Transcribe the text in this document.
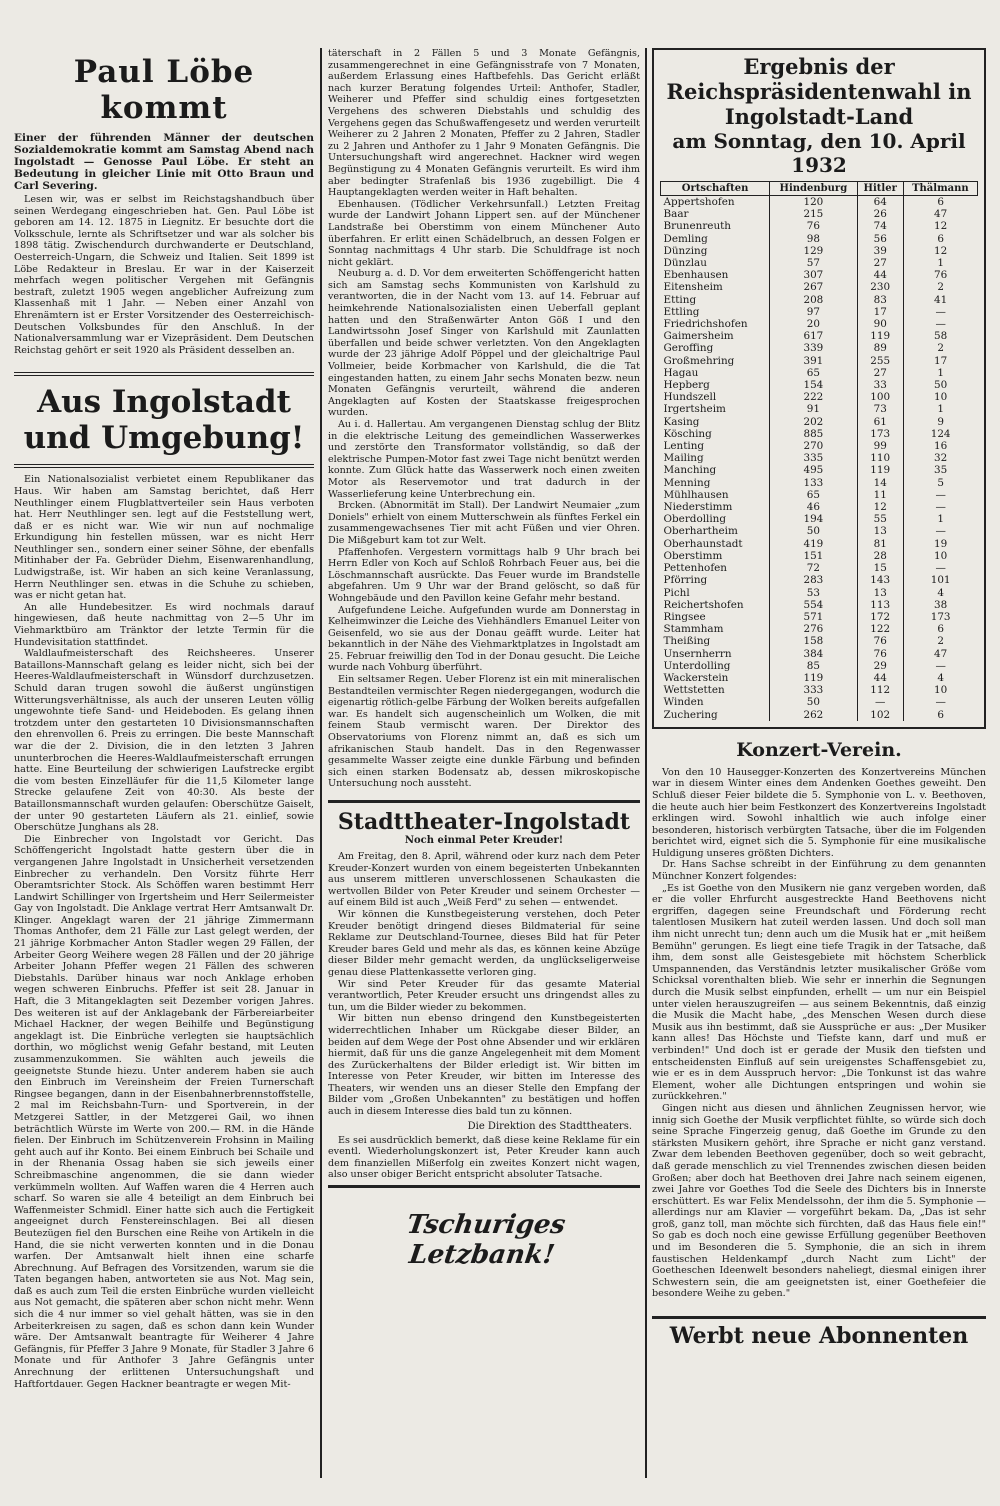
Paul Löbe kommt

Einer der führenden Männer der deutschen Sozialdemokratie kommt am Samstag Abend nach Ingolstadt — Genosse Paul Löbe. Er steht an Bedeutung in gleicher Linie mit Otto Braun und Carl Severing.

Lesen wir, was er selbst im Reichstagshandbuch über seinen Werdegang eingeschrieben hat. Gen. Paul Löbe ist geboren am 14. 12. 1875 in Liegnitz. Er besuchte dort die Volksschule, lernte als Schriftsetzer und war als solcher bis 1898 tätig. Zwischendurch durchwanderte er Deutschland, Oesterreich-Ungarn, die Schweiz und Italien. Seit 1899 ist Löbe Redakteur in Breslau. Er war in der Kaiserzeit mehrfach wegen politischer Vergehen mit Gefängnis bestraft, zuletzt 1905 wegen angeblicher Aufreizung zum Klassenhaß mit 1 Jahr. — Neben einer Anzahl von Ehrenämtern ist er Erster Vorsitzender des Oesterreichisch-Deutschen Volksbundes für den Anschluß. In der Nationalversammlung war er Vizepräsident. Dem Deutschen Reichstag gehört er seit 1920 als Präsident desselben an.

Aus Ingolstadt und Umgebung!

Ein Nationalsozialist verbietet einem Republikaner das Haus. Wir haben am Samstag berichtet, daß Herr Neuthlinger einem Flugblattverteiler sein Haus verboten hat. Herr Neuthlinger sen. legt auf die Feststellung wert, daß er es nicht war. Wie wir nun auf nochmalige Erkundigung hin festellen müssen, war es nicht Herr Neuthlinger sen., sondern einer seiner Söhne, der ebenfalls Mitinhaber der Fa. Gebrüder Diehm, Eisenwarenhandlung, Ludwigstraße, ist. Wir haben an sich keine Veranlassung, Herrn Neuthlinger sen. etwas in die Schuhe zu schieben, was er nicht getan hat.

An alle Hundebesitzer. Es wird nochmals darauf hingewiesen, daß heute nachmittag von 2—5 Uhr im Viehmarktbüro am Tränktor der letzte Termin für die Hundevisitation stattfindet.

Waldlaufmeisterschaft des Reichsheeres. Unserer Bataillons-Mannschaft gelang es leider nicht, sich bei der Heeres-Waldlaufmeisterschaft in Wünsdorf durchzusetzen. Schuld daran trugen sowohl die äußerst ungünstigen Witterungsverhältnisse, als auch der unseren Leuten völlig ungewohnte tiefe Sand- und Heideboden. Es gelang ihnen trotzdem unter den gestarteten 10 Divisionsmannschaften den ehrenvollen 6. Preis zu erringen. Die beste Mannschaft war die der 2. Division, die in den letzten 3 Jahren ununterbrochen die Heeres-Waldlaufmeisterschaft errungen hatte. Eine Beurteilung der schwierigen Laufstrecke ergibt die vom besten Einzelläufer für die 11,5 Kilometer lange Strecke gelaufene Zeit von 40:30. Als beste der Bataillonsmannschaft wurden gelaufen: Oberschütze Gaiselt, der unter 90 gestarteten Läufern als 21. einlief, sowie Oberschütze Junghans als 28.

Die Einbrecher von Ingolstadt vor Gericht. Das Schöffengericht Ingolstadt hatte gestern über die in vergangenen Jahre Ingolstadt in Unsicherheit versetzenden Einbrecher zu verhandeln. Den Vorsitz führte Herr Oberamtsrichter Stock. Als Schöffen waren bestimmt Herr Landwirt Schillinger von Irgertsheim und Herr Seilermeister Gay von Ingolstadt. Die Anklage vertrat Herr Amtsanwalt Dr. Klinger. Angeklagt waren der 21 jährige Zimmermann Thomas Anthofer, dem 21 Fälle zur Last gelegt werden, der 21 jährige Korbmacher Anton Stadler wegen 29 Fällen, der Arbeiter Georg Weihere wegen 28 Fällen und der 20 jährige Arbeiter Johann Pfeffer wegen 21 Fällen des schweren Diebstahls. Darüber hinaus war noch Anklage erhoben wegen schweren Einbruchs. Pfeffer ist seit 28. Januar in Haft, die 3 Mitangeklagten seit Dezember vorigen Jahres. Des weiteren ist auf der Anklagebank der Färbereiarbeiter Michael Hackner, der wegen Beihilfe und Begünstigung angeklagt ist. Die Einbrüche verlegten sie hauptsächlich dorthin, wo möglichst wenig Gefahr bestand, mit Leuten zusammenzukommen. Sie wählten auch jeweils die geeignetste Stunde hiezu. Unter anderem haben sie auch den Einbruch im Vereinsheim der Freien Turnerschaft Ringsee begangen, dann in der Eisenbahnerbrennstoffstelle, 2 mal im Reichsbahn-Turn- und Sportverein, in der Metzgerei Sattler, in der Metzgerei Gail, wo ihnen beträchtlich Würste im Werte von 200.— RM. in die Hände fielen. Der Einbruch im Schützenverein Frohsinn in Mailing geht auch auf ihr Konto. Bei einem Einbruch bei Schaile und in der Rhenania Ossag haben sie sich jeweils einer Schreibmaschine angenommen, die sie dann wieder verkümmeln wollten. Auf Waffen waren die 4 Herren auch scharf. So waren sie alle 4 beteiligt an dem Einbruch bei Waffenmeister Schmidl. Einer hatte sich auch die Fertigkeit angeeignet durch Fenstereinschlagen. Bei all diesen Beutezügen fiel den Burschen eine Reihe von Artikeln in die Hand, die sie nicht verwerten konnten und in die Donau warfen. Der Amtsanwalt hielt ihnen eine scharfe Abrechnung. Auf Befragen des Vorsitzenden, warum sie die Taten begangen haben, antworteten sie aus Not. Mag sein, daß es auch zum Teil die ersten Einbrüche wurden vielleicht aus Not gemacht, die späteren aber schon nicht mehr. Wenn sich die 4 nur immer so viel gehalt hätten, was sie in den Arbeiterkreisen zu sagen, daß es schon dann kein Wunder wäre. Der Amtsanwalt beantragte für Weiherer 4 Jahre Gefängnis, für Pfeffer 3 Jahre 9 Monate, für Stadler 3 Jahre 6 Monate und für Anthofer 3 Jahre Gefängnis unter Anrechnung der erlittenen Untersuchungshaft und Haftfortdauer. Gegen Hackner beantragte er wegen Mit-

täterschaft in 2 Fällen 5 und 3 Monate Gefängnis, zusammengerechnet in eine Gefängnisstrafe von 7 Monaten, außerdem Erlassung eines Haftbefehls. Das Gericht erläßt nach kurzer Beratung folgendes Urteil: Anthofer, Stadler, Weiherer und Pfeffer sind schuldig eines fortgesetzten Vergehens des schweren Diebstahls und schuldig des Vergehens gegen das Schußwaffengesetz und werden verurteilt Weiherer zu 2 Jahren 2 Monaten, Pfeffer zu 2 Jahren, Stadler zu 2 Jahren und Anthofer zu 1 Jahr 9 Monaten Gefängnis. Die Untersuchungshaft wird angerechnet. Hackner wird wegen Begünstigung zu 4 Monaten Gefängnis verurteilt. Es wird ihm aber bedingter Strafenlaß bis 1936 zugebilligt. Die 4 Hauptangeklagten werden weiter in Haft behalten.

Ebenhausen. (Tödlicher Verkehrsunfall.) Letzten Freitag wurde der Landwirt Johann Lippert sen. auf der Münchener Landstraße bei Oberstimm von einem Münchener Auto überfahren. Er erlitt einen Schädelbruch, an dessen Folgen er Sonntag nachmittags 4 Uhr starb. Die Schuldfrage ist noch nicht geklärt.

Neuburg a. d. D. Vor dem erweiterten Schöffengericht hatten sich am Samstag sechs Kommunisten von Karlshuld zu verantworten, die in der Nacht vom 13. auf 14. Februar auf heimkehrende Nationalsozialisten einen Ueberfall geplant hatten und den Straßenwärter Anton Göß I und den Landwirtssohn Josef Singer von Karlshuld mit Zaunlatten überfallen und beide schwer verletzten. Von den Angeklagten wurde der 23 jährige Adolf Pöppel und der gleichaltrige Paul Vollmeier, beide Korbmacher von Karlshuld, die die Tat eingestanden hatten, zu einem Jahr sechs Monaten bezw. neun Monaten Gefängnis verurteilt, während die anderen Angeklagten auf Kosten der Staatskasse freigesprochen wurden.

Au i. d. Hallertau. Am vergangenen Dienstag schlug der Blitz in die elektrische Leitung des gemeindlichen Wasserwerkes und zerstörte den Transformator vollständig, so daß der elektrische Pumpen-Motor fast zwei Tage nicht benützt werden konnte. Zum Glück hatte das Wasserwerk noch einen zweiten Motor als Reservemotor und trat dadurch in der Wasserlieferung keine Unterbrechung ein.

Brcken. (Abnormität im Stall). Der Landwirt Neumaier „zum Doniels" erhielt von einem Mutterschwein als fünftes Ferkel ein zusammengewachsenes Tier mit acht Füßen und vier Ohren. Die Mißgeburt kam tot zur Welt.

Pfaffenhofen. Vergestern vormittags halb 9 Uhr brach bei Herrn Edler von Koch auf Schloß Rohrbach Feuer aus, bei die Löschmannschaft ausrückte. Das Feuer wurde im Brandstelle abgefahren. Um 9 Uhr war der Brand gelöscht, so daß für Wohngebäude und den Pavillon keine Gefahr mehr bestand.

Aufgefundene Leiche. Aufgefunden wurde am Donnerstag in Kelheimwinzer die Leiche des Viehhändlers Emanuel Leiter von Geisenfeld, wo sie aus der Donau geäfft wurde. Leiter hat bekanntlich in der Nähe des Viehmarktplatzes in Ingolstadt am 25. Februar freiwillig den Tod in der Donau gesucht. Die Leiche wurde nach Vohburg überführt.

Ein seltsamer Regen. Ueber Florenz ist ein mit mineralischen Bestandteilen vermischter Regen niedergegangen, wodurch die eigenartig rötlich-gelbe Färbung der Wolken bereits aufgefallen war. Es handelt sich augenscheinlich um Wolken, die mit feinem Staub vermischt waren. Der Direktor des Observatoriums von Florenz nimmt an, daß es sich um afrikanischen Staub handelt. Das in den Regenwasser gesammelte Wasser zeigte eine dunkle Färbung und befinden sich einen starken Bodensatz ab, dessen mikroskopische Untersuchung noch aussteht.

Stadttheater-Ingolstadt
Noch einmal Peter Kreuder!

Am Freitag, den 8. April, während oder kurz nach dem Peter Kreuder-Konzert wurden von einem begeisterten Unbekannten aus unserem mittleren unverschlossenen Schaukasten die wertvollen Bilder von Peter Kreuder und seinem Orchester — auf einem Bild ist auch „Weiß Ferd" zu sehen — entwendet.

Wir können die Kunstbegeisterung verstehen, doch Peter Kreuder benötigt dringend dieses Bildmaterial für seine Reklame zur Deutschland-Tournee, dieses Bild hat für Peter Kreuder bares Geld und mehr als das, es können keine Abzüge dieser Bilder mehr gemacht werden, da unglückseligerweise genau diese Plattenkassette verloren ging.

Wir sind Peter Kreuder für das gesamte Material verantwortlich, Peter Kreuder ersucht uns dringendst alles zu tun, um die Bilder wieder zu bekommen.

Wir bitten nun ebenso dringend den Kunstbegeisterten widerrechtlichen Inhaber um Rückgabe dieser Bilder, an beiden auf dem Wege der Post ohne Absender und wir erklären hiermit, daß für uns die ganze Angelegenheit mit dem Moment des Zurückerhaltens der Bilder erledigt ist. Wir bitten im Interesse von Peter Kreuder, wir bitten im Interesse des Theaters, wir wenden uns an dieser Stelle den Empfang der Bilder vom „Großen Unbekannten" zu bestätigen und hoffen auch in diesem Interesse dies bald tun zu können.

Die Direktion des Stadttheaters.

Es sei ausdrücklich bemerkt, daß diese keine Reklame für ein eventl. Wiederholungskonzert ist, Peter Kreuder kann auch dem finanziellen Mißerfolg ein zweites Konzert nicht wagen, also unser obiger Bericht entspricht absoluter Tatsache.

Tschuriges Letzbank!
Ergebnis der Reichspräsidentenwahl in Ingolstadt-Land
am Sonntag, den 10. April 1932
Ortschaften	Hindenburg	Hitler	Thälmann
Appertshofen	120	64	6
Baar	215	26	47
Brunenreuth	76	74	12
Demling	98	56	6
Dünzing	129	39	12
Dünzlau	57	27	1
Ebenhausen	307	44	76
Eitensheim	267	230	2
Etting	208	83	41
Ettling	97	17	—
Friedrichshofen	20	90	—
Gaimersheim	617	119	58
Geroffing	339	89	2
Großmehring	391	255	17
Hagau	65	27	1
Hepberg	154	33	50
Hundszell	222	100	10
Irgertsheim	91	73	1
Kasing	202	61	9
Kösching	885	173	124
Lenting	270	99	16
Mailing	335	110	32
Manching	495	119	35
Menning	133	14	5
Mühlhausen	65	11	—
Niederstimm	46	12	—
Oberdolling	194	55	1
Oberhartheim	50	13	—
Oberhaunstadt	419	81	19
Oberstimm	151	28	10
Pettenhofen	72	15	—
Pförring	283	143	101
Pichl	53	13	4
Reichertshofen	554	113	38
Ringsee	571	172	173
Stammham	276	122	6
Theißing	158	76	2
Unsernherrn	384	76	47
Unterdolling	85	29	—
Wackerstein	119	44	4
Wettstetten	333	112	10
Winden	50	—	—
Zuchering	262	102	6
Konzert-Verein.

Von den 10 Hausegger-Konzerten des Konzertvereins München war in diesem Winter eines dem Andenken Goethes geweiht. Den Schluß dieser Feier bildete die 5. Symphonie von L. v. Beethoven, die heute auch hier beim Festkonzert des Konzertvereins Ingolstadt erklingen wird. Sowohl inhaltlich wie auch infolge einer besonderen, historisch verbürgten Tatsache, über die im Folgenden berichtet wird, eignet sich die 5. Symphonie für eine musikalische Huldigung unseres größten Dichters.

Dr. Hans Sachse schreibt in der Einführung zu dem genannten Münchner Konzert folgendes:

„Es ist Goethe von den Musikern nie ganz vergeben worden, daß er die voller Ehrfurcht ausgestreckte Hand Beethovens nicht ergriffen, dagegen seine Freundschaft und Förderung recht talentlosen Musikern hat zuteil werden lassen. Und doch soll man ihm nicht unrecht tun; denn auch um die Musik hat er „mit heißem Bemühn" gerungen. Es liegt eine tiefe Tragik in der Tatsache, daß ihm, dem sonst alle Geistesgebiete mit höchstem Scherblick Umspannenden, das Verständnis letzter musikalischer Größe vom Schicksal vorenthalten blieb. Wie sehr er innerhin die Segnungen durch die Musik selbst einpfunden, erhellt — um nur ein Beispiel unter vielen herauszugreifen — aus seinem Bekenntnis, daß einzig die Musik die Macht habe, „des Menschen Wesen durch diese Musik aus ihn bestimmt, daß sie Aussprüche er aus: „Der Musiker kann alles! Das Höchste und Tiefste kann, darf und muß er verbinden!" Und doch ist er gerade der Musik den tiefsten und entscheidensten Einfluß auf sein ureigenstes Schaffensgebiet zu, wie er es in dem Ausspruch hervor: „Die Tonkunst ist das wahre Element, woher alle Dichtungen entspringen und wohin sie zurückkehren."

Gingen nicht aus diesen und ähnlichen Zeugnissen hervor, wie innig sich Goethe der Musik verpflichtet fühlte, so würde sich doch seine Sprache Fingerzeig genug, daß Goethe im Grunde zu den stärksten Musikern gehört, ihre Sprache er nicht ganz verstand. Zwar dem lebenden Beethoven gegenüber, doch so weit gebracht, daß gerade menschlich zu viel Trennendes zwischen diesen beiden Großen; aber doch hat Beethoven drei Jahre nach seinem eigenen, zwei Jahre vor Goethes Tod die Seele des Dichters bis in Innerste erschüttert. Es war Felix Mendelssohn, der ihm die 5. Symphonie — allerdings nur am Klavier — vorgeführt bekam. Da, „Das ist sehr groß, ganz toll, man möchte sich fürchten, daß das Haus fiele ein!" So gab es doch noch eine gewisse Erfüllung gegenüber Beethoven und im Besonderen die 5. Symphonie, die an sich in ihrem faustischen Heldenkampf „durch Nacht zum Licht" der Goetheschen Ideenwelt besonders naheliegt, diesmal einigen ihrer Schwestern sein, die am geeignetsten ist, einer Goethefeier die besondere Weihe zu geben."

Werbt neue Abonnenten
